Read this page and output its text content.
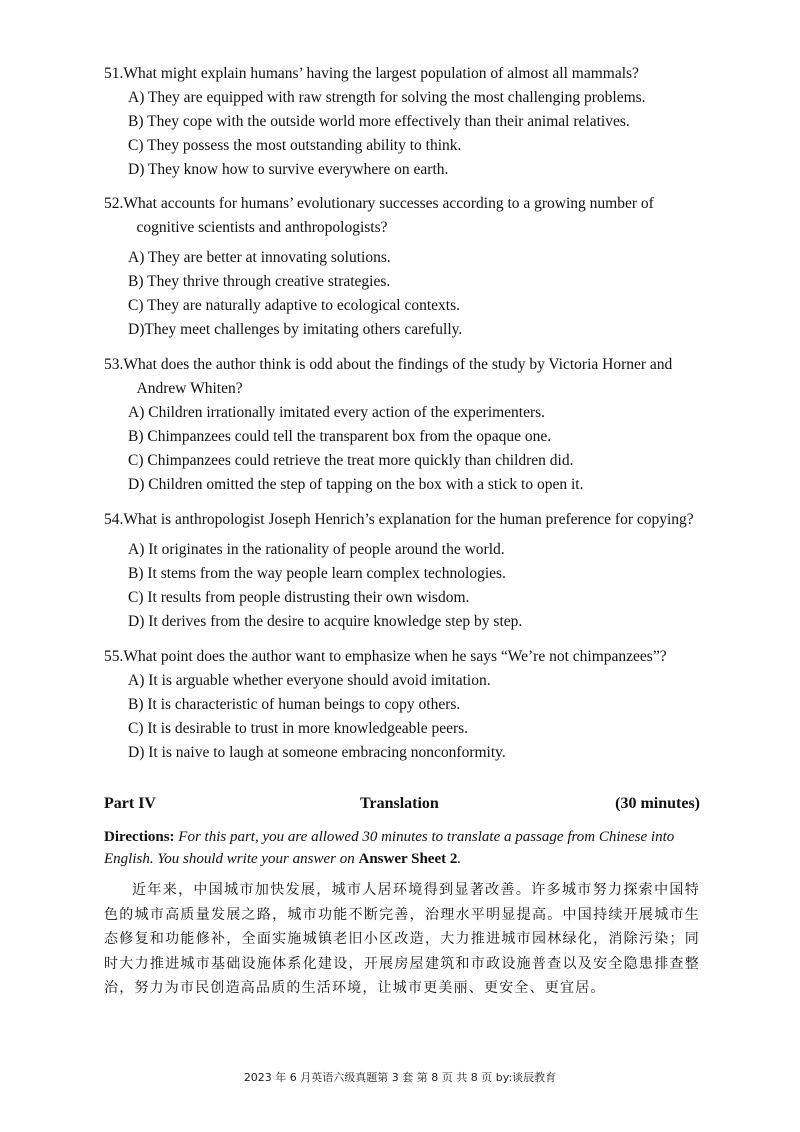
51.What might explain humans’ having the largest population of almost all mammals?
A) They are equipped with raw strength for solving the most challenging problems.
B) They cope with the outside world more effectively than their animal relatives.
C) They possess the most outstanding ability to think.
D) They know how to survive everywhere on earth.
52.What accounts for humans’ evolutionary successes according to a growing number of cognitive scientists and anthropologists?
A) They are better at innovating solutions.
B) They thrive through creative strategies.
C) They are naturally adaptive to ecological contexts.
D)They meet challenges by imitating others carefully.
53.What does the author think is odd about the findings of the study by Victoria Horner and Andrew Whiten?
A) Children irrationally imitated every action of the experimenters.
B) Chimpanzees could tell the transparent box from the opaque one.
C) Chimpanzees could retrieve the treat more quickly than children did.
D) Children omitted the step of tapping on the box with a stick to open it.
54.What is anthropologist Joseph Henrich’s explanation for the human preference for copying?
A) It originates in the rationality of people around the world.
B) It stems from the way people learn complex technologies.
C) It results from people distrusting their own wisdom.
D) It derives from the desire to acquire knowledge step by step.
55.What point does the author want to emphasize when he says “We’re not chimpanzees”?
A) It is arguable whether everyone should avoid imitation.
B) It is characteristic of human beings to copy others.
C) It is desirable to trust in more knowledgeable peers.
D) It is naive to laugh at someone embracing nonconformity.
Part IV	Translation	(30 minutes)
Directions: For this part, you are allowed 30 minutes to translate a passage from Chinese into English. You should write your answer on Answer Sheet 2.
近年来，中国城市加快发展，城市人居环境得到显著改善。许多城市努力探索中国特色的城市高质量发展之路，城市功能不断完善，治理水平明显提高。中国持续开展城市生态修复和功能修补，全面实施城镇老旧小区改造，大力推进城市园林绿化，消除污染；同时大力推进城市基础设施体系化建设，开展房屋建筑和市政设施普查以及安全隐患排查整治，努力为市民创造高品质的生活环境，让城市更美丽、更安全、更宜居。
2023 年 6 月英语六级真题第 3 套 第 8 页 共 8 页 by:谈辰教育
